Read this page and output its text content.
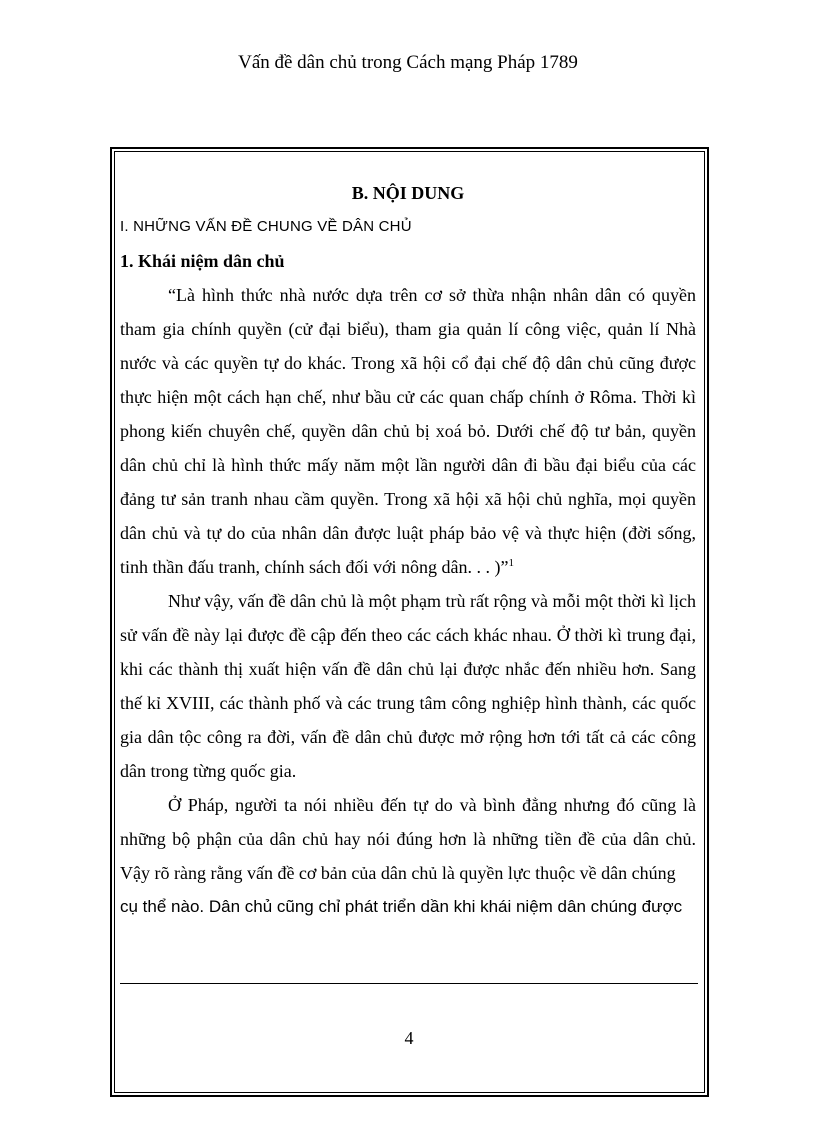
Vấn đề dân chủ trong Cách mạng Pháp 1789
B. NỘI DUNG
I. NHỮNG VẤN ĐỀ CHUNG VỀ DÂN CHỦ
1. Khái niệm dân chủ

“Là hình thức nhà nước dựa trên cơ sở thừa nhận nhân dân có quyền tham gia chính quyền (cử đại biểu), tham gia quản lí công việc, quản lí Nhà nước và các quyền tự do khác. Trong xã hội cổ đại chế độ dân chủ cũng được thực hiện một cách hạn chế, như bầu cử các quan chấp chính ở Rôma. Thời kì phong kiến chuyên chế, quyền dân chủ bị xoá bỏ. Dưới chế độ tư bản, quyền dân chủ chỉ là hình thức mấy năm một lần người dân đi bầu đại biểu của các đảng tư sản tranh nhau cầm quyền. Trong xã hội xã hội chủ nghĩa, mọi quyền dân chủ và tự do của nhân dân được luật pháp bảo vệ và thực hiện (đời sống, tinh thần đấu tranh, chính sách đối với nông dân. . . )”$^1$

Như vậy, vấn đề dân chủ là một phạm trù rất rộng và mỗi một thời kì lịch sử vấn đề này lại được đề cập đến theo các cách khác nhau. Ở thời kì trung đại, khi các thành thị xuất hiện vấn đề dân chủ lại được nhắc đến nhiều hơn. Sang thế kỉ XVIII, các thành phố và các trung tâm công nghiệp hình thành, các quốc gia dân tộc công ra đời, vấn đề dân chủ được mở rộng hơn tới tất cả các công dân trong từng quốc gia.

Ở Pháp, người ta nói nhiều đến tự do và bình đẳng nhưng đó cũng là những bộ phận của dân chủ hay nói đúng hơn là những tiền đề của dân chủ. Vậy rõ ràng rằng vấn đề cơ bản của dân chủ là quyền lực thuộc về dân chúng

cụ thể nào. Dân chủ cũng chỉ phát triển dần khi khái niệm dân chúng được
4
